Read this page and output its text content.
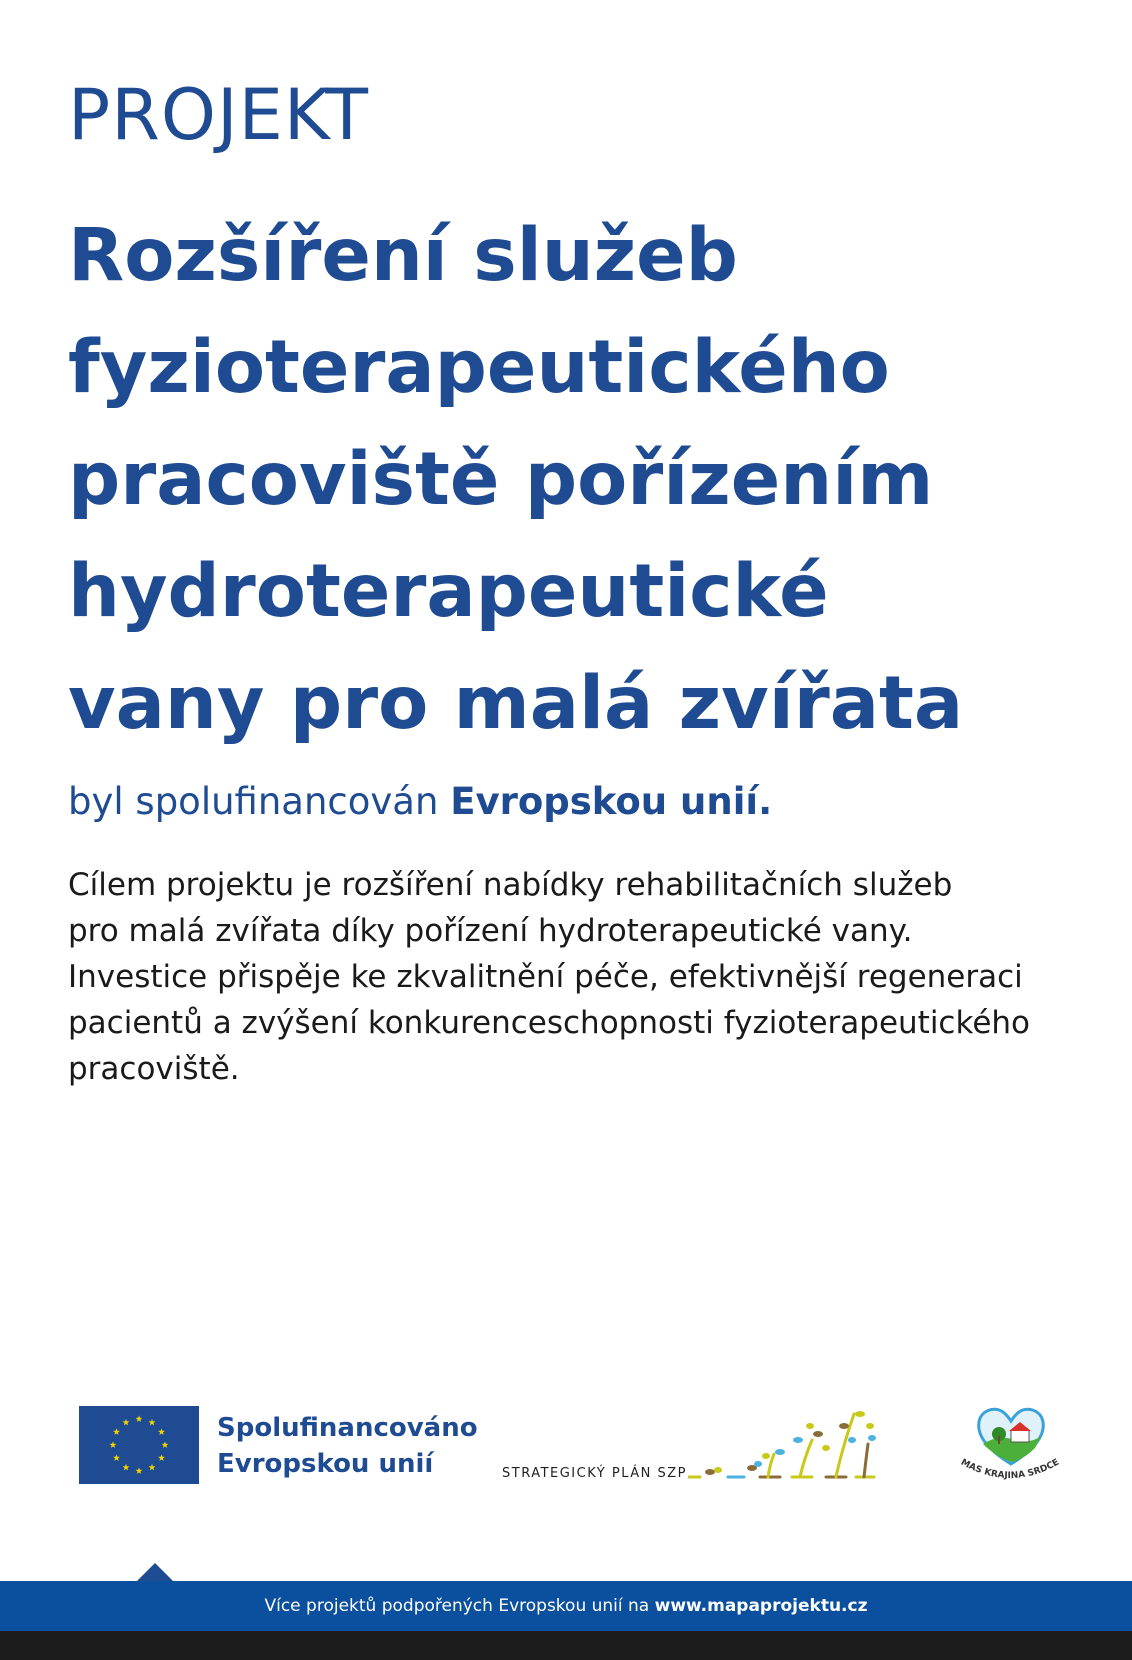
PROJEKT
Rozšíření služeb
fyzioterapeutického
pracoviště pořízením
hydroterapeutické
vany pro malá zvířata
byl spolufinancován Evropskou unií.
Cílem projektu je rozšíření nabídky rehabilitačních služeb
pro malá zvířata díky pořízení hydroterapeutické vany.
Investice přispěje ke zkvalitnění péče, efektivnější regeneraci
pacientů a zvýšení konkurenceschopnosti fyzioterapeutického
pracoviště.
Spolufinancováno
Evropskou unií	STRATEGICKÝ PLÁN SZP
MAS KRAJINA SRDCE
Více projektů podpořených Evropskou unií na www.mapaprojektu.cz
